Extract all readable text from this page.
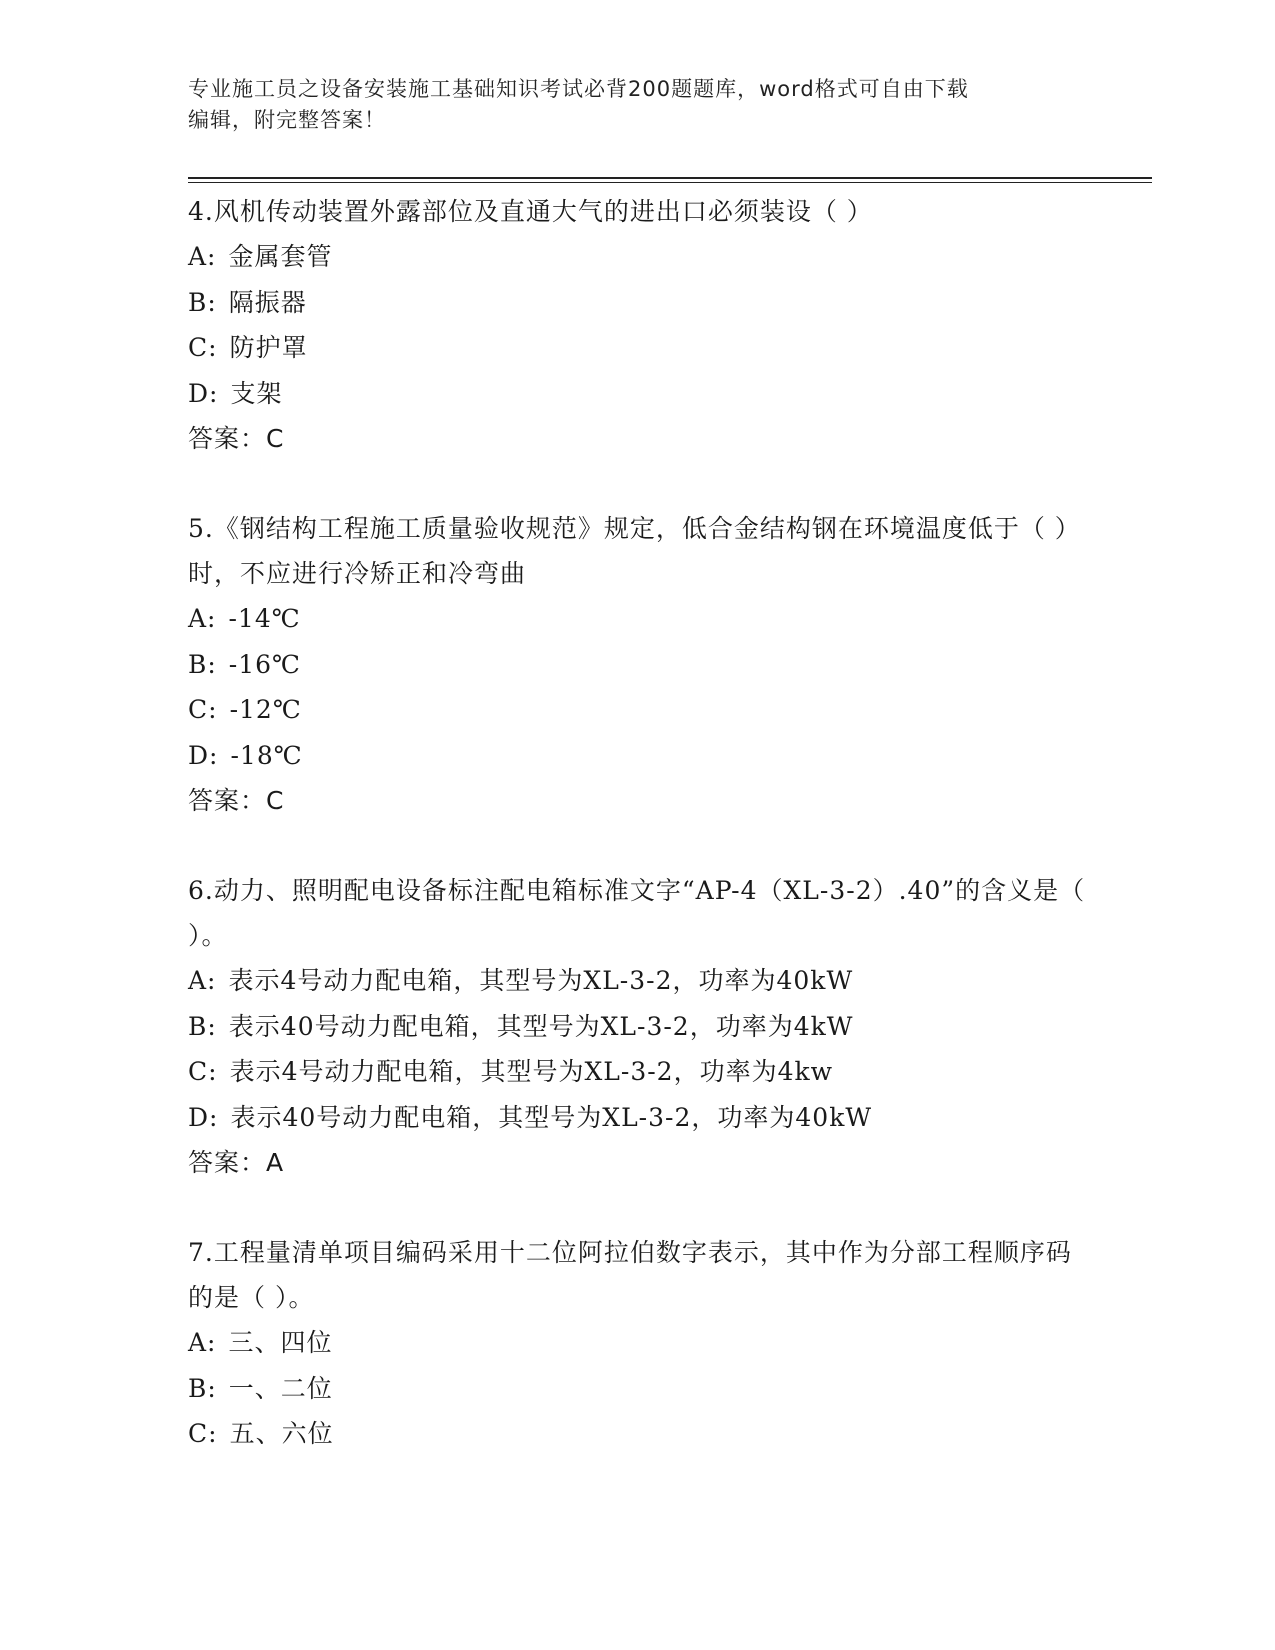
专业施工员之设备安装施工基础知识考试必背200题题库，word格式可自由下载
编辑，附完整答案！

4.风机传动装置外露部位及直通大气的进出口必须装设（ ）

A: 金属套管

B: 隔振器

C: 防护罩

D: 支架

答案：C

5.《钢结构工程施工质量验收规范》规定，低合金结构钢在环境温度低于（ ）时，不应进行冷矫正和冷弯曲

A: -14℃

B: -16℃

C: -12℃

D: -18℃

答案：C

6.动力、照明配电设备标注配电箱标准文字“AP-4（XL-3-2）.40”的含义是（ ）。

A: 表示4号动力配电箱，其型号为XL-3-2，功率为40kW

B: 表示40号动力配电箱，其型号为XL-3-2，功率为4kW

C: 表示4号动力配电箱，其型号为XL-3-2，功率为4kw

D: 表示40号动力配电箱，其型号为XL-3-2，功率为40kW

答案：A

7.工程量清单项目编码采用十二位阿拉伯数字表示，其中作为分部工程顺序码的是（ ）。

A: 三、四位

B: 一、二位

C: 五、六位
